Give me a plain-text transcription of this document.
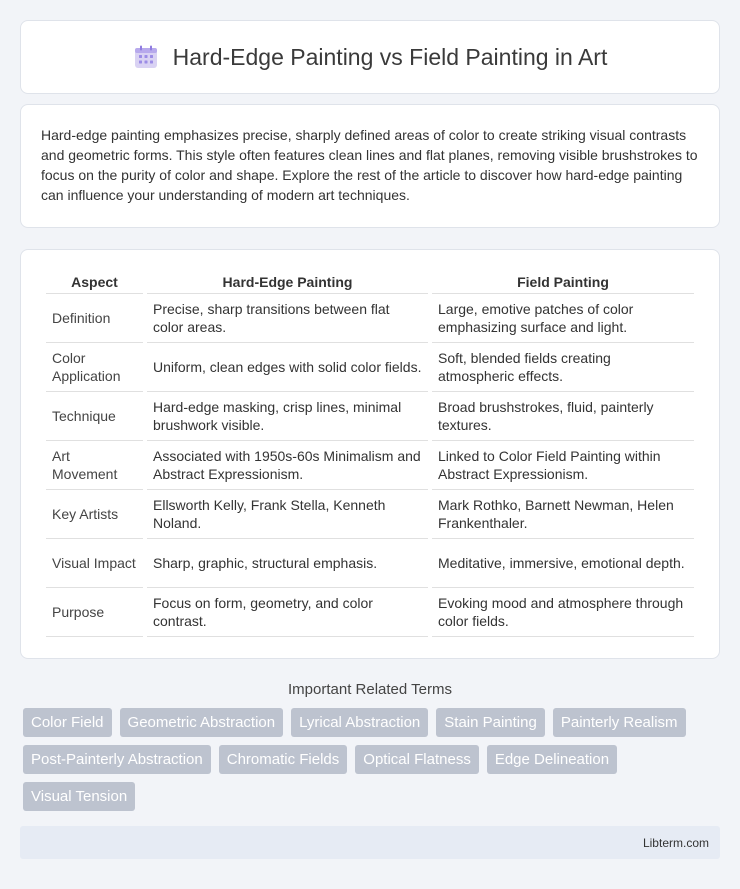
Hard-Edge Painting vs Field Painting in Art

Hard-edge painting emphasizes precise, sharply defined areas of color to create striking visual contrasts and geometric forms. This style often features clean lines and flat planes, removing visible brushstrokes to focus on the purity of color and shape. Explore the rest of the article to discover how hard-edge painting can influence your understanding of modern art techniques.

Aspect	Hard-Edge Painting	Field Painting
Definition	Precise, sharp transitions between flat color areas.	Large, emotive patches of color emphasizing surface and light.
Color Application	Uniform, clean edges with solid color fields.	Soft, blended fields creating atmospheric effects.
Technique	Hard-edge masking, crisp lines, minimal brushwork visible.	Broad brushstrokes, fluid, painterly textures.
Art Movement	Associated with 1950s-60s Minimalism and Abstract Expressionism.	Linked to Color Field Painting within Abstract Expressionism.
Key Artists	Ellsworth Kelly, Frank Stella, Kenneth Noland.	Mark Rothko, Barnett Newman, Helen Frankenthaler.
Visual Impact	Sharp, graphic, structural emphasis.	Meditative, immersive, emotional depth.
Purpose	Focus on form, geometry, and color contrast.	Evoking mood and atmosphere through color fields.
Important Related Terms
Color Field	Geometric Abstraction	Lyrical Abstraction	Stain Painting	Painterly Realism
Post-Painterly Abstraction	Chromatic Fields	Optical Flatness	Edge Delineation
Visual Tension
Libterm.com
